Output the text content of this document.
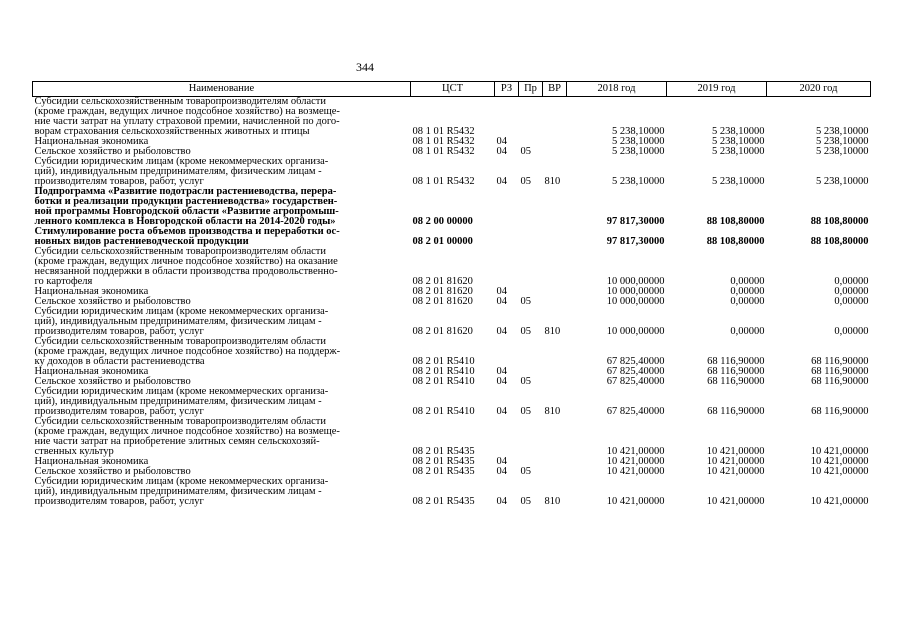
344
Наименование	ЦСТ	РЗ	Пр	ВР	2018 год	2019 год	2020 год
Субсидии сельскохозяйственным товаропроизводителям области
(кроме граждан, ведущих личное подсобное хозяйство) на возмеще-
ние части затрат на уплату страховой премии, начисленной по дого-
ворам страхования сельскохозяйственных животных и птицы	08 1 01 R5432				5 238,10000	5 238,10000	5 238,10000
Национальная экономика	08 1 01 R5432	04			5 238,10000	5 238,10000	5 238,10000
Сельское хозяйство и рыболовство	08 1 01 R5432	04	05		5 238,10000	5 238,10000	5 238,10000
Субсидии юридическим лицам (кроме некоммерческих организа-
ций), индивидуальным предпринимателям, физическим лицам -
производителям товаров, работ, услуг	08 1 01 R5432	04	05	810	5 238,10000	5 238,10000	5 238,10000
Подпрограмма «Развитие подотрасли растениеводства, перера-
ботки и реализации продукции растениеводства» государствен-
ной программы Новгородской области «Развитие агропромыш-
ленного комплекса в Новгородской области на 2014-2020 годы»	08 2 00 00000				97 817,30000	88 108,80000	88 108,80000
Стимулирование роста объемов производства и переработки ос-
новных видов растениеводческой продукции	08 2 01 00000				97 817,30000	88 108,80000	88 108,80000
Субсидии сельскохозяйственным товаропроизводителям области
(кроме граждан, ведущих личное подсобное хозяйство) на оказание
несвязанной поддержки в области производства продовольственно-
го картофеля	08 2 01 81620				10 000,00000	0,00000	0,00000
Национальная экономика	08 2 01 81620	04			10 000,00000	0,00000	0,00000
Сельское хозяйство и рыболовство	08 2 01 81620	04	05		10 000,00000	0,00000	0,00000
Субсидии юридическим лицам (кроме некоммерческих организа-
ций), индивидуальным предпринимателям, физическим лицам -
производителям товаров, работ, услуг	08 2 01 81620	04	05	810	10 000,00000	0,00000	0,00000
Субсидии сельскохозяйственным товаропроизводителям области
(кроме граждан, ведущих личное подсобное хозяйство) на поддерж-
ку доходов в области растениеводства	08 2 01 R5410				67 825,40000	68 116,90000	68 116,90000
Национальная экономика	08 2 01 R5410	04			67 825,40000	68 116,90000	68 116,90000
Сельское хозяйство и рыболовство	08 2 01 R5410	04	05		67 825,40000	68 116,90000	68 116,90000
Субсидии юридическим лицам (кроме некоммерческих организа-
ций), индивидуальным предпринимателям, физическим лицам -
производителям товаров, работ, услуг	08 2 01 R5410	04	05	810	67 825,40000	68 116,90000	68 116,90000
Субсидии сельскохозяйственным товаропроизводителям области
(кроме граждан, ведущих личное подсобное хозяйство) на возмеще-
ние части затрат на приобретение элитных семян сельскохозяй-
ственных культур	08 2 01 R5435				10 421,00000	10 421,00000	10 421,00000
Национальная экономика	08 2 01 R5435	04			10 421,00000	10 421,00000	10 421,00000
Сельское хозяйство и рыболовство	08 2 01 R5435	04	05		10 421,00000	10 421,00000	10 421,00000
Субсидии юридическим лицам (кроме некоммерческих организа-
ций), индивидуальным предпринимателям, физическим лицам -
производителям товаров, работ, услуг	08 2 01 R5435	04	05	810	10 421,00000	10 421,00000	10 421,00000
